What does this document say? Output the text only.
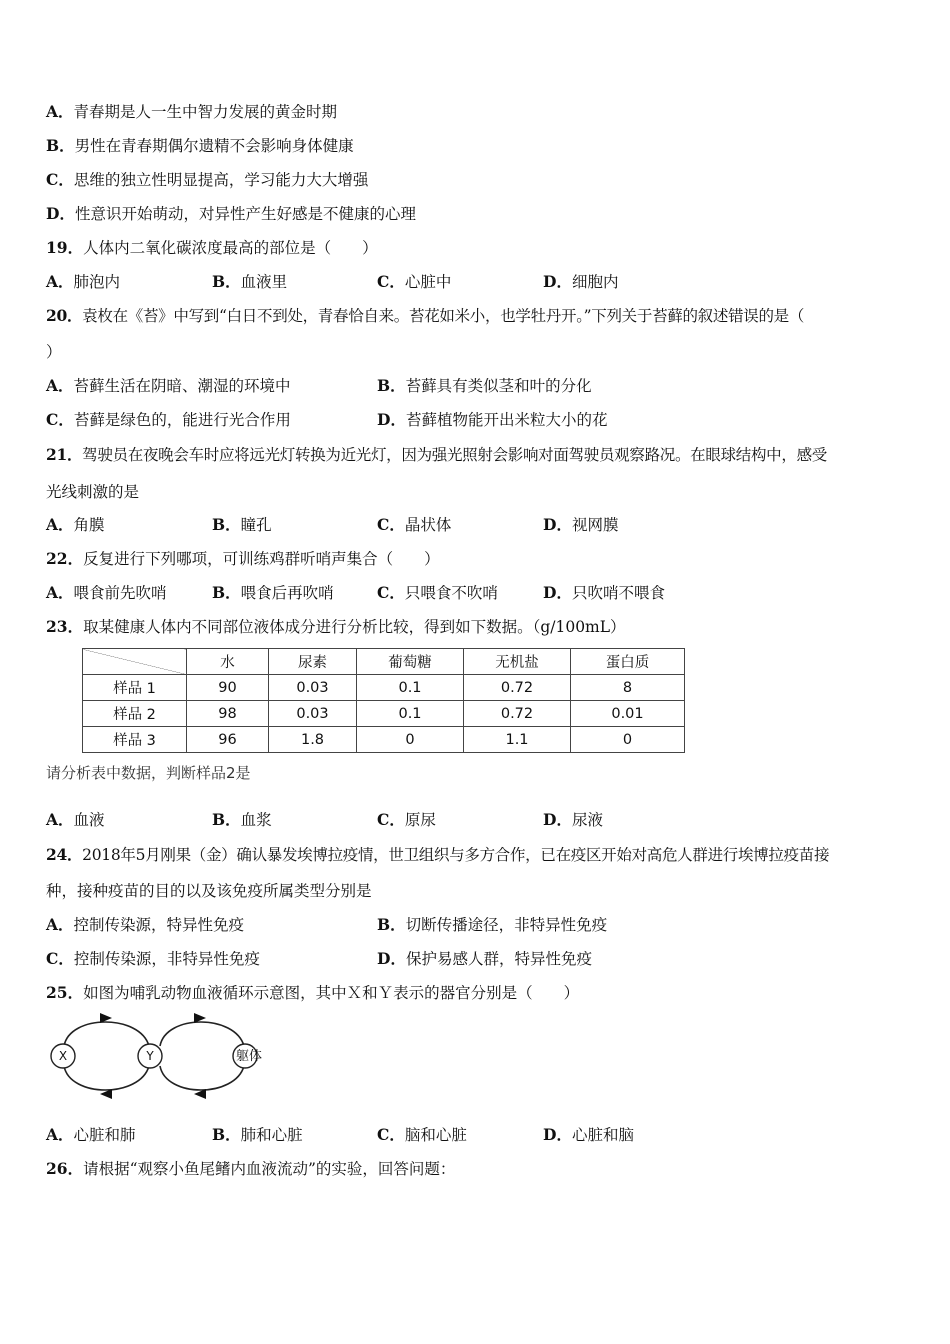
A．青春期是人一生中智力发展的黄金时期
B．男性在青春期偶尔遗精不会影响身体健康
C．思维的独立性明显提高，学习能力大大增强
D．性意识开始萌动，对异性产生好感是不健康的心理
19．人体内二氧化碳浓度最高的部位是（　　）
A．肺泡内	B．血液里	C．心脏中	D．细胞内
20．袁枚在《苔》中写到“白日不到处，青春恰自来。苔花如米小，也学牡丹开。”下列关于苔藓的叙述错误的是（
）
A．苔藓生活在阴暗、潮湿的环境中	B．苔藓具有类似茎和叶的分化
C．苔藓是绿色的，能进行光合作用	D．苔藓植物能开出米粒大小的花
21．驾驶员在夜晚会车时应将远光灯转换为近光灯，因为强光照射会影响对面驾驶员观察路况。在眼球结构中，感受
光线刺激的是
A．角膜	B．瞳孔	C．晶状体	D．视网膜
22．反复进行下列哪项，可训练鸡群听哨声集合（　　）
A．喂食前先吹哨	B．喂食后再吹哨	C．只喂食不吹哨	D．只吹哨不喂食
23．取某健康人体内不同部位液体成分进行分析比较，得到如下数据。（g/100mL）
	水	尿素	葡萄糖	无机盐	蛋白质
样品 1	90	0.03	0.1	0.72	8
样品 2	98	0.03	0.1	0.72	0.01
样品 3	96	1.8	0	1.1	0
请分析表中数据，判断样品2是
A．血液	B．血浆	C．原尿	D．尿液
24．2018年5月刚果（金）确认暴发埃博拉疫情，世卫组织与多方合作，已在疫区开始对高危人群进行埃博拉疫苗接
种，接种疫苗的目的以及该免疫所属类型分别是
A．控制传染源，特异性免疫	B．切断传播途径，非特异性免疫
C．控制传染源，非特异性免疫	D．保护易感人群，特异性免疫
25．如图为哺乳动物血液循环示意图，其中Ｘ和Ｙ表示的器官分别是（　　）
X	Y	躯体
A．心脏和肺	B．肺和心脏	C．脑和心脏	D．心脏和脑
26．请根据“观察小鱼尾鳍内血液流动”的实验，回答问题：
